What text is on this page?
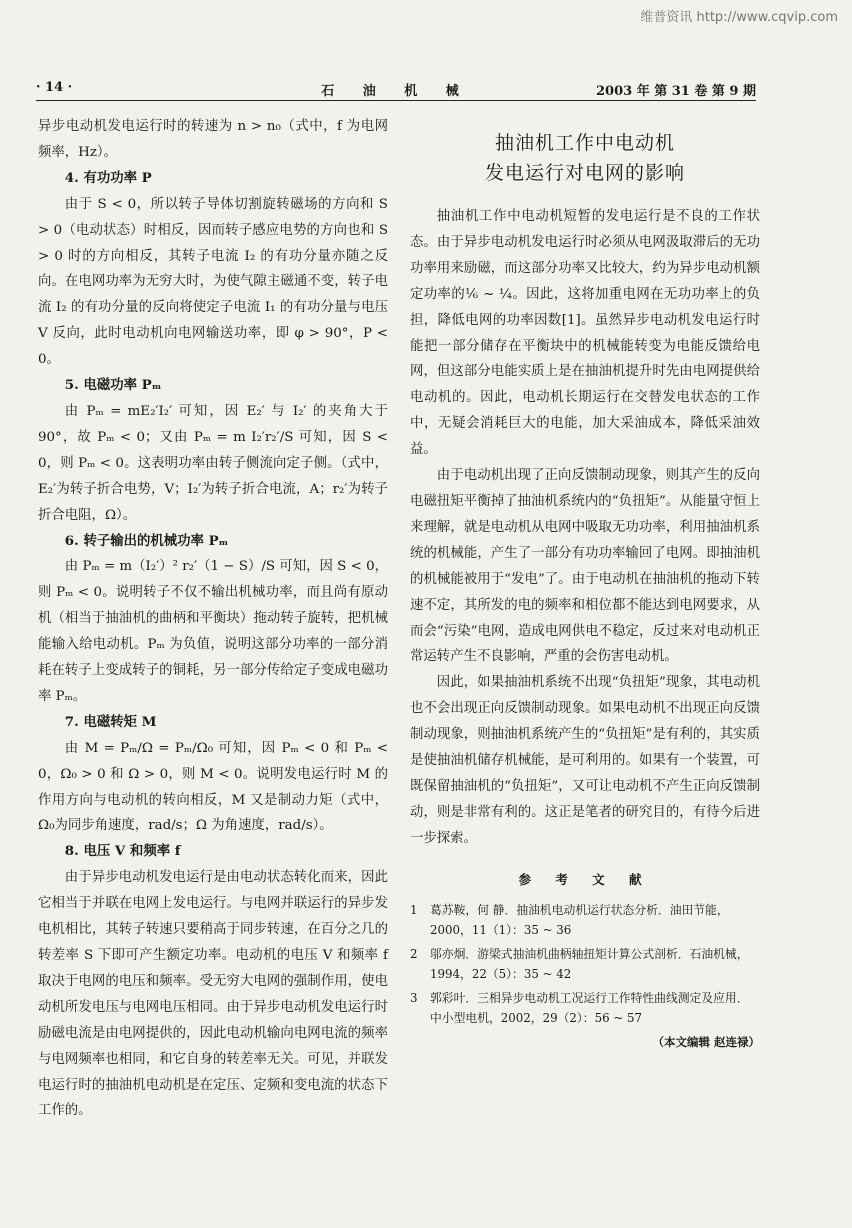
维普资讯 http://www.cqvip.com
· 14 ·	石 油 机 械	2003 年 第 31 卷 第 9 期

异步电动机发电运行时的转速为 n > n₀（式中，f 为电网频率，Hz）。

4. 有功功率 P

由于 S < 0，所以转子导体切割旋转磁场的方向和 S > 0（电动状态）时相反，因而转子感应电势的方向也和 S > 0 时的方向相反，其转子电流 I₂ 的有功分量亦随之反向。在电网功率为无穷大时，为使气隙主磁通不变，转子电流 I₂ 的有功分量的反向将使定子电流 I₁ 的有功分量与电压 V 反向，此时电动机向电网输送功率，即 φ > 90°，P < 0。

5. 电磁功率 Pₘ

由 Pₘ = mE₂′I₂′ 可知，因 E₂′ 与 I₂′ 的夹角大于 90°，故 Pₘ < 0；又由 Pₘ = m I₂′r₂′/S 可知，因 S < 0，则 Pₘ < 0。这表明功率由转子侧流向定子侧。（式中，E₂′为转子折合电势，V；I₂′为转子折合电流，A；r₂′为转子折合电阻，Ω）。

6. 转子输出的机械功率 Pₘ

由 Pₘ = m（I₂′）² r₂′（1 − S）/S 可知，因 S < 0，则 Pₘ < 0。说明转子不仅不输出机械功率，而且尚有原动机（相当于抽油机的曲柄和平衡块）拖动转子旋转，把机械能输入给电动机。Pₘ 为负值，说明这部分功率的一部分消耗在转子上变成转子的铜耗，另一部分传给定子变成电磁功率 Pₘ。

7. 电磁转矩 M

由 M = Pₘ/Ω = Pₘ/Ω₀ 可知，因 Pₘ < 0 和 Pₘ < 0，Ω₀ > 0 和 Ω > 0，则 M < 0。说明发电运行时 M 的作用方向与电动机的转向相反，M 又是制动力矩（式中，Ω₀为同步角速度，rad/s；Ω 为角速度，rad/s）。

8. 电压 V 和频率 f

由于异步电动机发电运行是由电动状态转化而来，因此它相当于并联在电网上发电运行。与电网并联运行的异步发电机相比，其转子转速只要稍高于同步转速，在百分之几的转差率 S 下即可产生额定功率。电动机的电压 V 和频率 f 取决于电网的电压和频率。受无穷大电网的强制作用，使电动机所发电压与电网电压相同。由于异步电动机发电运行时励磁电流是由电网提供的，因此电动机输向电网电流的频率与电网频率也相同，和它自身的转差率无关。可见，并联发电运行时的抽油机电动机是在定压、定频和变电流的状态下工作的。

抽油机工作中电动机
发电运行对电网的影响

抽油机工作中电动机短暂的发电运行是不良的工作状态。由于异步电动机发电运行时必须从电网汲取滞后的无功功率用来励磁，而这部分功率又比较大，约为异步电动机额定功率的⅙ ~ ¼。因此，这将加重电网在无功功率上的负担，降低电网的功率因数[1]。虽然异步电动机发电运行时能把一部分储存在平衡块中的机械能转变为电能反馈给电网，但这部分电能实质上是在抽油机提升时先由电网提供给电动机的。因此，电动机长期运行在交替发电状态的工作中，无疑会消耗巨大的电能，加大采油成本，降低采油效益。

由于电动机出现了正向反馈制动现象，则其产生的反向电磁扭矩平衡掉了抽油机系统内的“负扭矩”。从能量守恒上来理解，就是电动机从电网中吸取无功功率，利用抽油机系统的机械能，产生了一部分有功功率输回了电网。即抽油机的机械能被用于“发电”了。由于电动机在抽油机的拖动下转速不定，其所发的电的频率和相位都不能达到电网要求，从而会“污染”电网，造成电网供电不稳定，反过来对电动机正常运转产生不良影响，严重的会伤害电动机。

因此，如果抽油机系统不出现“负扭矩”现象，其电动机也不会出现正向反馈制动现象。如果电动机不出现正向反馈制动现象，则抽油机系统产生的“负扭矩”是有利的，其实质是使抽油机储存机械能，是可利用的。如果有一个装置，可既保留抽油机的“负扭矩”，又可让电动机不产生正向反馈制动，则是非常有利的。这正是笔者的研究目的，有待今后进一步探索。

参 考 文 献
1 葛苏鞍，何 静．抽油机电动机运行状态分析．油田节能，2000，11（1）：35 ~ 36
2 邬亦炯．游梁式抽油机曲柄轴扭矩计算公式剖析．石油机械，1994，22（5）：35 ~ 42
3 郭彩叶．三相异步电动机工况运行工作特性曲线测定及应用．中小型电机，2002，29（2）：56 ~ 57
（本文编辑 赵连禄）
